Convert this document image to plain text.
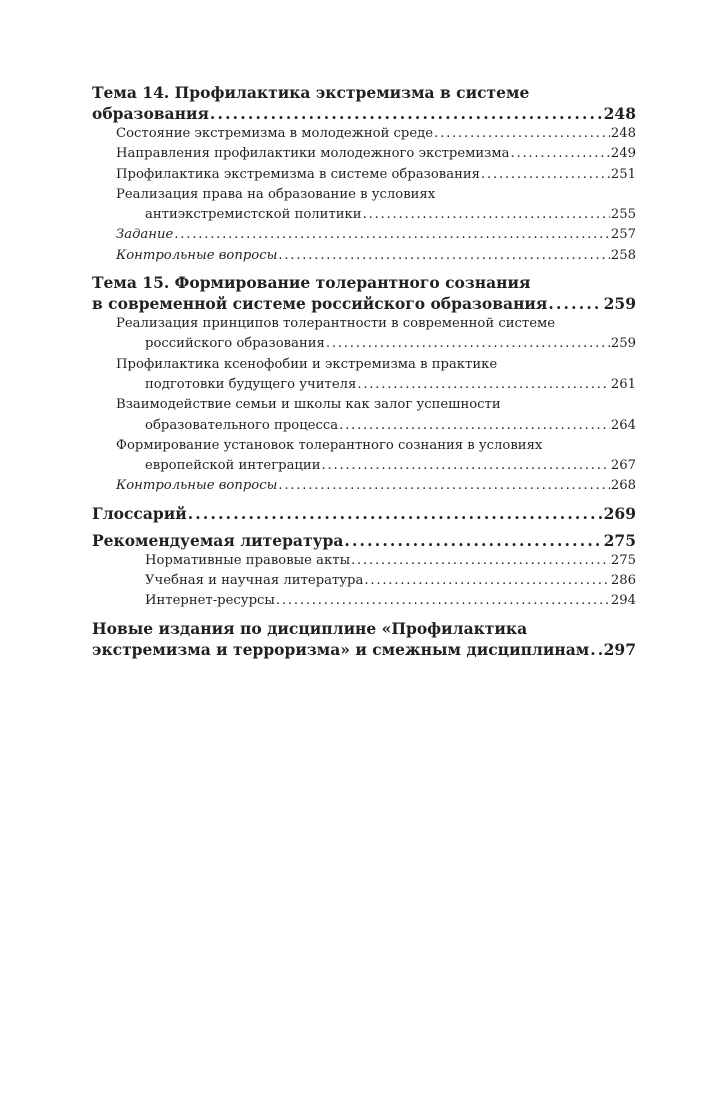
Тема 14. Профилактика экстремизма в системе
образования . . .	248
Состояние экстремизма в молодежной среде . . .	248
Направления профилактики молодежного экстремизма . . .	249
Профилактика экстремизма в системе образования . . .	251
Реализация права на образование в условиях
антиэкстремистской политики . . .	255
Задание . . .	257
Контрольные вопросы . . .	258
Тема 15. Формирование толерантного сознания
в современной системе российского образования . . .	259
Реализация принципов толерантности в современной системе
российского образования . . .	259
Профилактика ксенофобии и экстремизма в практике
подготовки будущего учителя . . .	261
Взаимодействие семьи и школы как залог успешности
образовательного процесса . . .	264
Формирование установок толерантного сознания в условиях
европейской интеграции . . .	267
Контрольные вопросы . . .	268
Глоссарий . . .	269
Рекомендуемая литература . . .	275
Нормативные правовые акты . . .	275
Учебная и научная литература . . .	286
Интернет-ресурсы . . .	294
Новые издания по дисциплине «Профилактика
экстремизма и терроризма» и смежным дисциплинам . . . 297
